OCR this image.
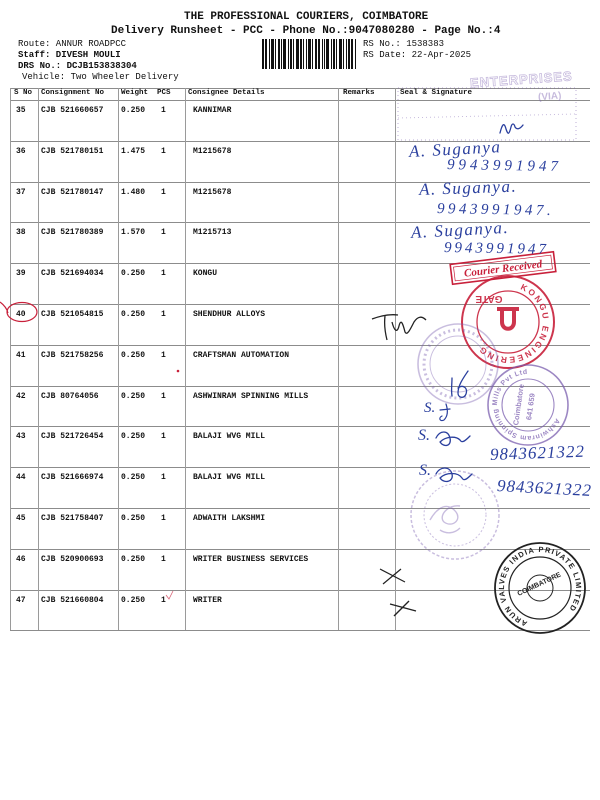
THE PROFESSIONAL COURIERS, COIMBATORE
Delivery Runsheet - PCC - Phone No.:9047080280 - Page No.:4
Route: ANNUR ROADPCC
Staff: DIVESH MOULI
DRS No.: DCJB153838304
Vehicle: Two Wheeler Delivery
RS No.: 1538383
RS Date: 22-Apr-2025
S No Consignment No Weight PCS Consignee Details	Remarks	Seal & Signature
35 CJB 521660657 0.250 1	KANNIMAR
36 CJB 521780151 1.475 1	M1215678
37 CJB 521780147 1.480 1	M1215678
38 CJB 521780389 1.570 1	M1215713
39 CJB 521694034 0.250 1	KONGU
40 CJB 521054815 0.250 1	SHENDHUR ALLOYS
41 CJB 521758256 0.250 1	CRAFTSMAN AUTOMATION
42 CJB 80764056	0.250 1	ASHWINRAM SPINNING MILLS
43 CJB 521726454 0.250 1	BALAJI WVG MILL
44 CJB 521666974 0.250 1	BALAJI WVG MILL
45 CJB 521758407 0.250 1	ADWAITH LAKSHMI
46 CJB 520900693 0.250 1	WRITER BUSINESS SERVICES
47 CJB 521660804 0.250 1	WRITER
ENTERPRISES
(VIA)
Courier Received
KONGU ENGINEERING
GATE
Ashwinram Spinning Mills Pvt Ltd
Coimbatore
641 659
ARUN VALVES INDIA PRIVATE LIMITED
COIMBATORE
A. Suganya
9943991947
A. Suganya.
9943991947.
A. Suganya.
9943991947
S.
S.
9843621322
S.
9843621322
